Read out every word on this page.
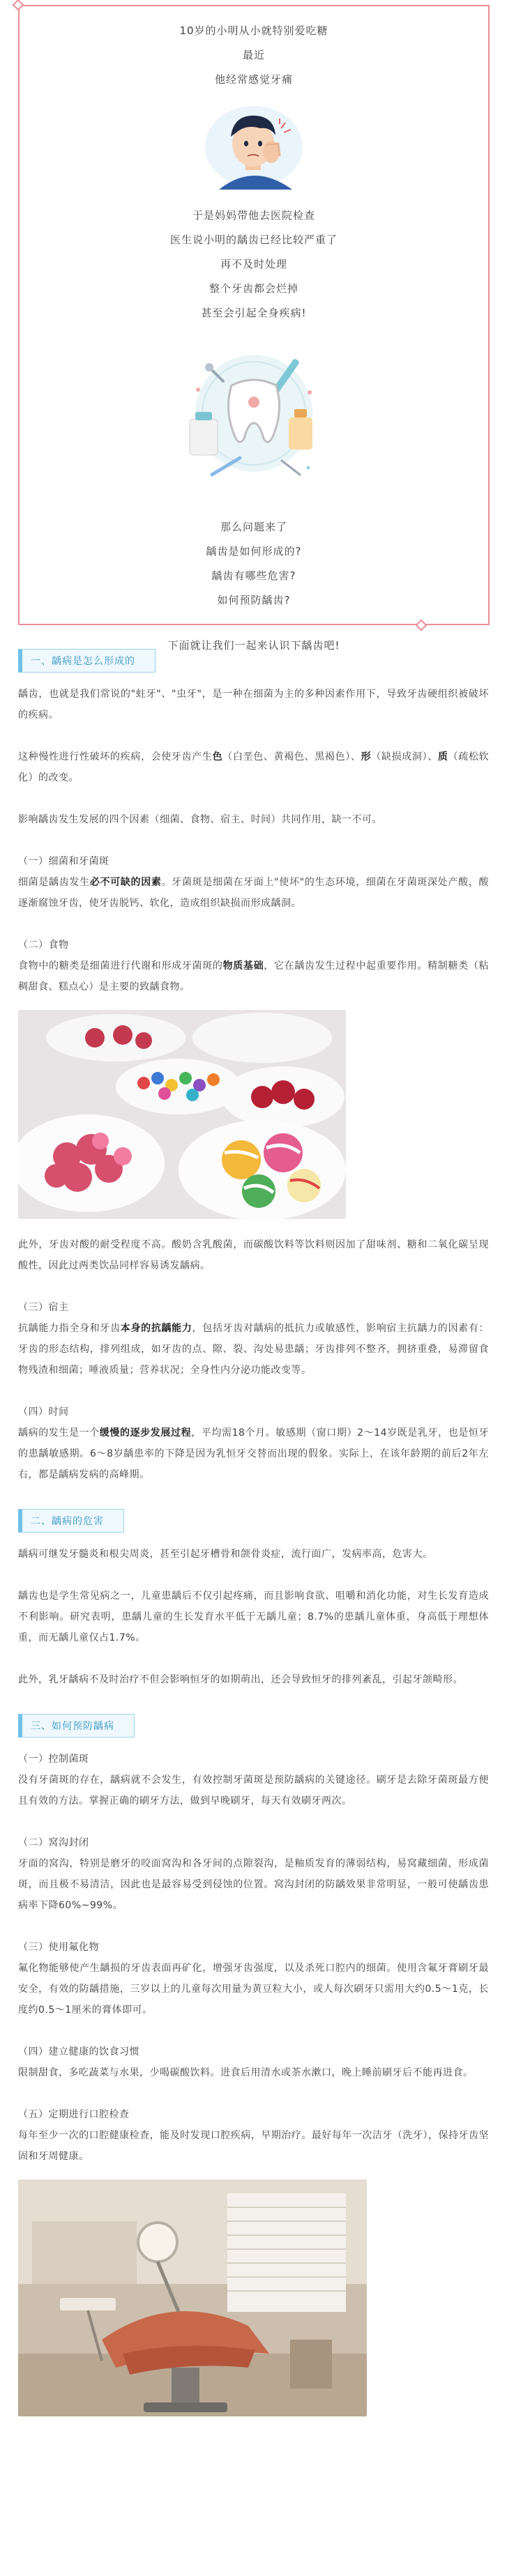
10岁的小明从小就特别爱吃糖
最近
他经常感觉牙痛
于是妈妈带他去医院检查
医生说小明的龋齿已经比较严重了
再不及时处理
整个牙齿都会烂掉
甚至会引起全身疾病!
那么问题来了
龋齿是如何形成的?
龋齿有哪些危害?
如何预防龋齿?
下面就让我们一起来认识下龋齿吧!
一、龋病是怎么形成的

龋齿，也就是我们常说的"蛀牙"、"虫牙"，是一种在细菌为主的多种因素作用下，导致牙齿硬组织被破坏的疾病。

这种慢性进行性破坏的疾病，会使牙齿产生色（白垩色、黄褐色、黑褐色）、形（缺损成洞）、质（疏松软化）的改变。

影响龋齿发生发展的四个因素（细菌、食物、宿主、时间）共同作用，缺一不可。

（一）细菌和牙菌斑

细菌是龋齿发生必不可缺的因素。牙菌斑是细菌在牙面上"使坏"的生态环境，细菌在牙菌斑深处产酸，酸逐渐腐蚀牙齿，使牙齿脱钙、软化，造成组织缺损而形成龋洞。

（二）食物

食物中的糖类是细菌进行代谢和形成牙菌斑的物质基础，它在龋齿发生过程中起重要作用。精制糖类（粘稠甜食、糕点心）是主要的致龋食物。

此外，牙齿对酸的耐受程度不高。酸奶含乳酸菌，而碳酸饮料等饮料则因加了甜味剂、糖和二氧化碳呈现酸性，因此过两类饮品同样容易诱发龋病。

（三）宿主

抗龋能力指全身和牙齿本身的抗龋能力，包括牙齿对龋病的抵抗力或敏感性，影响宿主抗龋力的因素有：牙齿的形态结构，排列组成，如牙齿的点、隙、裂、沟处易患龋；牙齿排列不整齐，拥挤重叠，易滞留食物残渣和细菌；唾液质量；营养状况；全身性内分泌功能改变等。

（四）时间

龋病的发生是一个缓慢的逐步发展过程，平均需18个月。敏感期（窗口期）2～14岁既是乳牙，也是恒牙的患龋敏感期。6～8岁龋患率的下降是因为乳恒牙交替而出现的假象。实际上，在该年龄期的前后2年左右，都是龋病发病的高峰期。

二、龋病的危害

龋病可继发牙髓炎和根尖周炎，甚至引起牙槽骨和颌骨炎症，流行面广，发病率高，危害大。

龋齿也是学生常见病之一，儿童患龋后不仅引起疼痛，而且影响食欲、咀嚼和消化功能，对生长发育造成不利影响。研究表明，患龋儿童的生长发育水平低于无龋儿童；8.7%的患龋儿童体重，身高低于理想体重，而无龋儿童仅占1.7%。

此外，乳牙龋病不及时治疗不但会影响恒牙的如期萌出，还会导致恒牙的排列紊乱，引起牙颌畸形。

三、如何预防龋病

（一）控制菌斑

没有牙菌斑的存在，龋病就不会发生，有效控制牙菌斑是预防龋病的关键途径。刷牙是去除牙菌斑最方便且有效的方法。掌握正确的刷牙方法，做到早晚刷牙，每天有效刷牙两次。

（二）窝沟封闭

牙面的窝沟，特别是磨牙的咬面窝沟和各牙间的点隙裂沟，是釉质发育的薄弱结构，易窝藏细菌，形成菌斑，而且极不易清洁，因此也是最容易受到侵蚀的位置。窝沟封闭的防龋效果非常明显，一般可使龋齿患病率下降60%~99%。

（三）使用氟化物

氟化物能够使产生龋损的牙齿表面再矿化，增强牙齿强度，以及杀死口腔内的细菌。使用含氟牙膏刷牙最安全，有效的防龋措施，三岁以上的儿童每次用量为黄豆粒大小，或人每次刷牙只需用大约0.5～1克，长度约0.5～1厘米的膏体即可。

（四）建立健康的饮食习惯

限制甜食，多吃蔬菜与水果，少喝碳酸饮料。进食后用清水或茶水漱口，晚上睡前刷牙后不能再进食。

（五）定期进行口腔检查

每年至少一次的口腔健康检查，能及时发现口腔疾病，早期治疗。最好每年一次洁牙（洗牙），保持牙齿坚固和牙周健康。
